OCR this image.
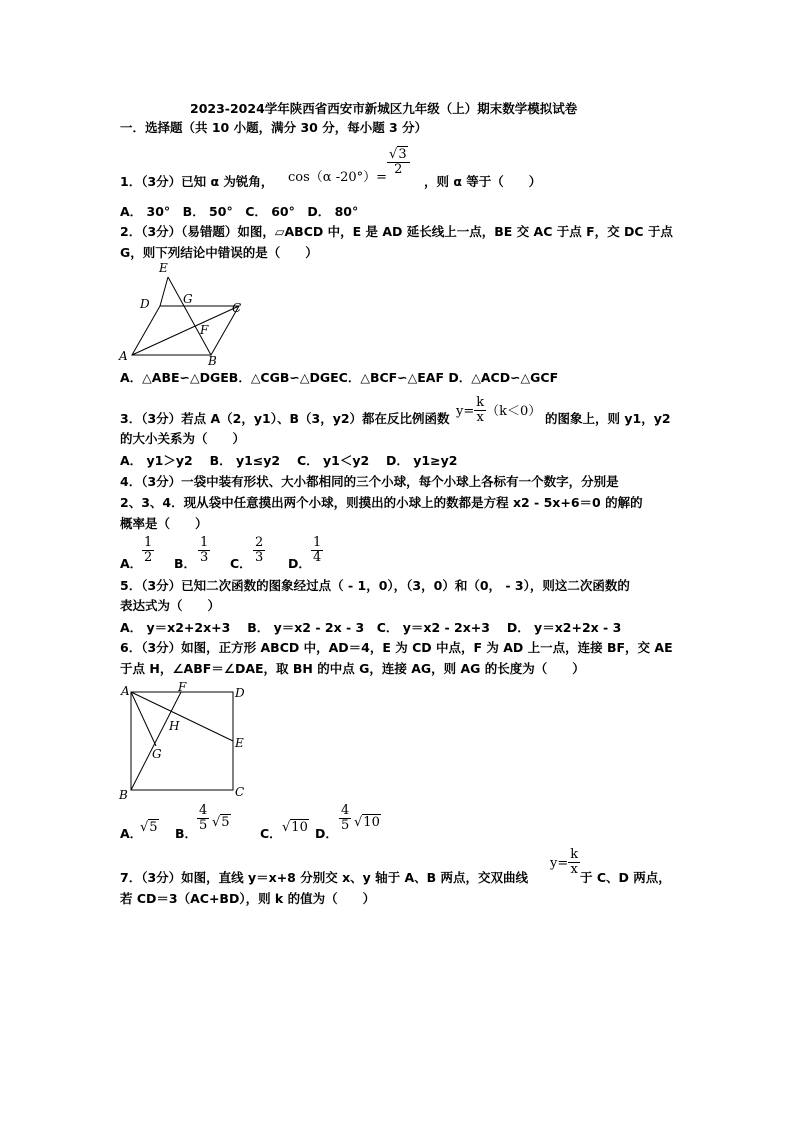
2023-2024学年陕西省西安市新城区九年级（上）期末数学模拟试卷
一．选择题（共 10 小题，满分 30 分，每小题 3 分）
1．（3分）已知 α 为锐角， $_{cos(\alpha -20^\circ)=}$
$\frac{√3}{2}$
，则 α 等于（　　）
A． 30°　B． 50°　C． 60°　D． 80°
2．（3分）（易错题）如图，▱ABCD 中，E 是 AD 延长线上一点，BE 交 AC 于点 F，交 DC 于点
G，则下列结论中错误的是（　　）
E
D	G
C
F
A	B
A．△ABE∽△DGEB．△CGB∽△DGEC．△BCF∽△EAF D．△ACD∽△GCF
3．（3分）若点 A（2，y1）、B（3，y2）都在反比例函数 $y= \frac{k}{x} (k<0)$ 的图象上，则 y1，y2
的大小关系为（　　）
A． y1＞y2　 B． y1≤y2　 C． y1＜y2　 D． y1≥y2
4．（3分）一袋中装有形状、大小都相同的三个小球，每个小球上各标有一个数字，分别是
2、3、4．现从袋中任意摸出两个小球，则摸出的小球上的数都是方程 x2 - 5x+6＝0 的解的
概率是（　　）
A． $\frac{1}{2}$ B． $\frac{1}{3}$ C． $\frac{2}{3}$ D． $\frac{1}{4}$
5．（3分）已知二次函数的图象经过点（ - 1，0），（3，0）和（0， - 3），则这二次函数的
表达式为（　　）
A． y＝x2+2x+3　 B． y＝x2 - 2x - 3　C． y＝x2 - 2x+3　 D． y＝x2+2x - 3
6．（3分）如图，正方形 ABCD 中，AD＝4，E 为 CD 中点，F 为 AD 上一点，连接 BF，交 AE
于点 H，∠ABF＝∠DAE，取 BH 的中点 G，连接 AG，则 AG 的长度为（　　）
A	F	D
H
E
G
B	C
A．
√5 B．
$\frac{4}{5} √5$
C． √10 D．
$\frac{4}{5} √10$
7．（3分）如图，直线 y＝x+8 分别交 x、y 轴于 A、B 两点，交双曲线
$y= \frac{k}{x}$
于 C、D 两点，
若 CD＝3（AC+BD），则 k 的值为（　　）
